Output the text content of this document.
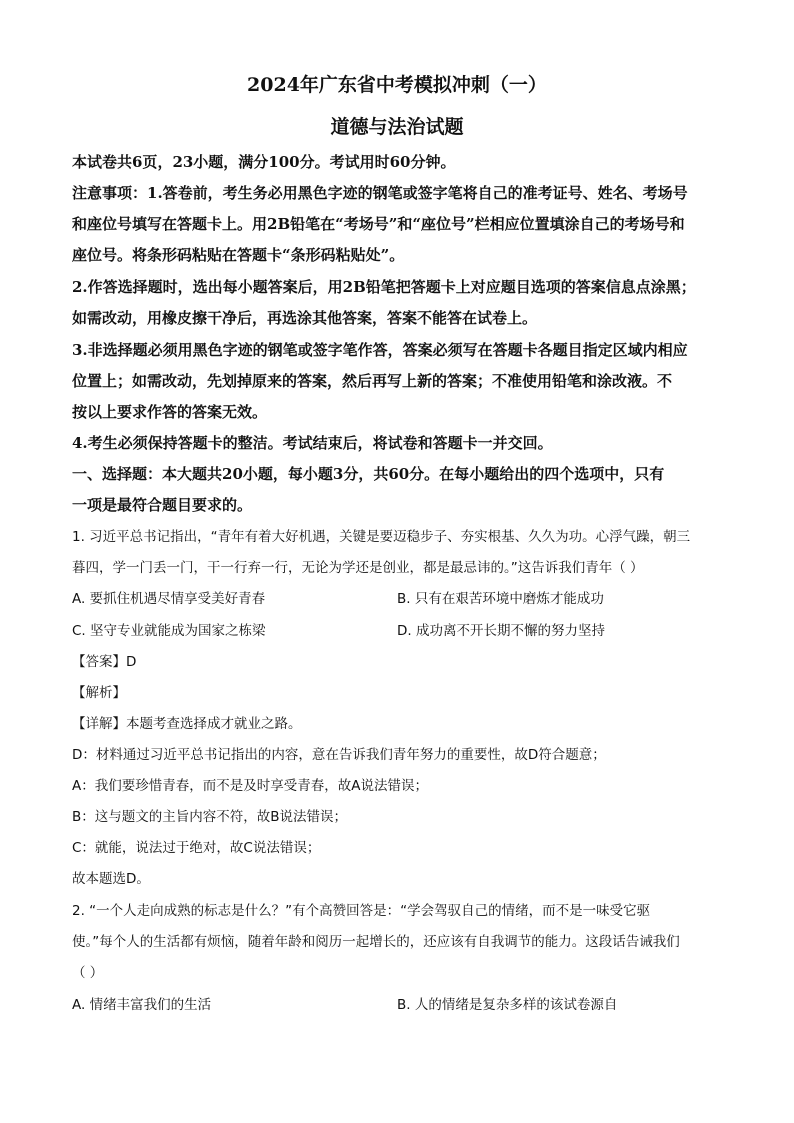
2024年广东省中考模拟冲刺（一）
道德与法治试题
本试卷共6页，23小题，满分100分。考试用时60分钟。
注意事项：1.答卷前，考生务必用黑色字迹的钢笔或签字笔将自己的准考证号、姓名、考场号
和座位号填写在答题卡上。用2B铅笔在“考场号”和“座位号”栏相应位置填涂自己的考场号和
座位号。将条形码粘贴在答题卡“条形码粘贴处”。
2.作答选择题时，选出每小题答案后，用2B铅笔把答题卡上对应题目选项的答案信息点涂黑；
如需改动，用橡皮擦干净后，再选涂其他答案，答案不能答在试卷上。
3.非选择题必须用黑色字迹的钢笔或签字笔作答，答案必须写在答题卡各题目指定区域内相应
位置上；如需改动，先划掉原来的答案，然后再写上新的答案；不准使用铅笔和涂改液。不
按以上要求作答的答案无效。
4.考生必须保持答题卡的整洁。考试结束后，将试卷和答题卡一并交回。
一、选择题：本大题共20小题，每小题3分，共60分。在每小题给出的四个选项中，只有
一项是最符合题目要求的。
1. 习近平总书记指出，“青年有着大好机遇，关键是要迈稳步子、夯实根基、久久为功。心浮气躁，朝三
暮四，学一门丢一门，干一行弃一行，无论为学还是创业，都是最忌讳的。”这告诉我们青年（ ）
A. 要抓住机遇尽情享受美好青春	B. 只有在艰苦环境中磨炼才能成功
C. 坚守专业就能成为国家之栋梁	D. 成功离不开长期不懈的努力坚持
【答案】D
【解析】
【详解】本题考查选择成才就业之路。
D：材料通过习近平总书记指出的内容，意在告诉我们青年努力的重要性，故D符合题意；
A：我们要珍惜青春，而不是及时享受青春，故A说法错误；
B：这与题文的主旨内容不符，故B说法错误；
C：就能，说法过于绝对，故C说法错误；
故本题选D。
2. “一个人走向成熟的标志是什么？”有个高赞回答是：“学会驾驭自己的情绪，而不是一味受它驱
使。”每个人的生活都有烦恼，随着年龄和阅历一起增长的，还应该有自我调节的能力。这段话告诫我们
（ ）
A. 情绪丰富我们的生活	B. 人的情绪是复杂多样的该试卷源自
